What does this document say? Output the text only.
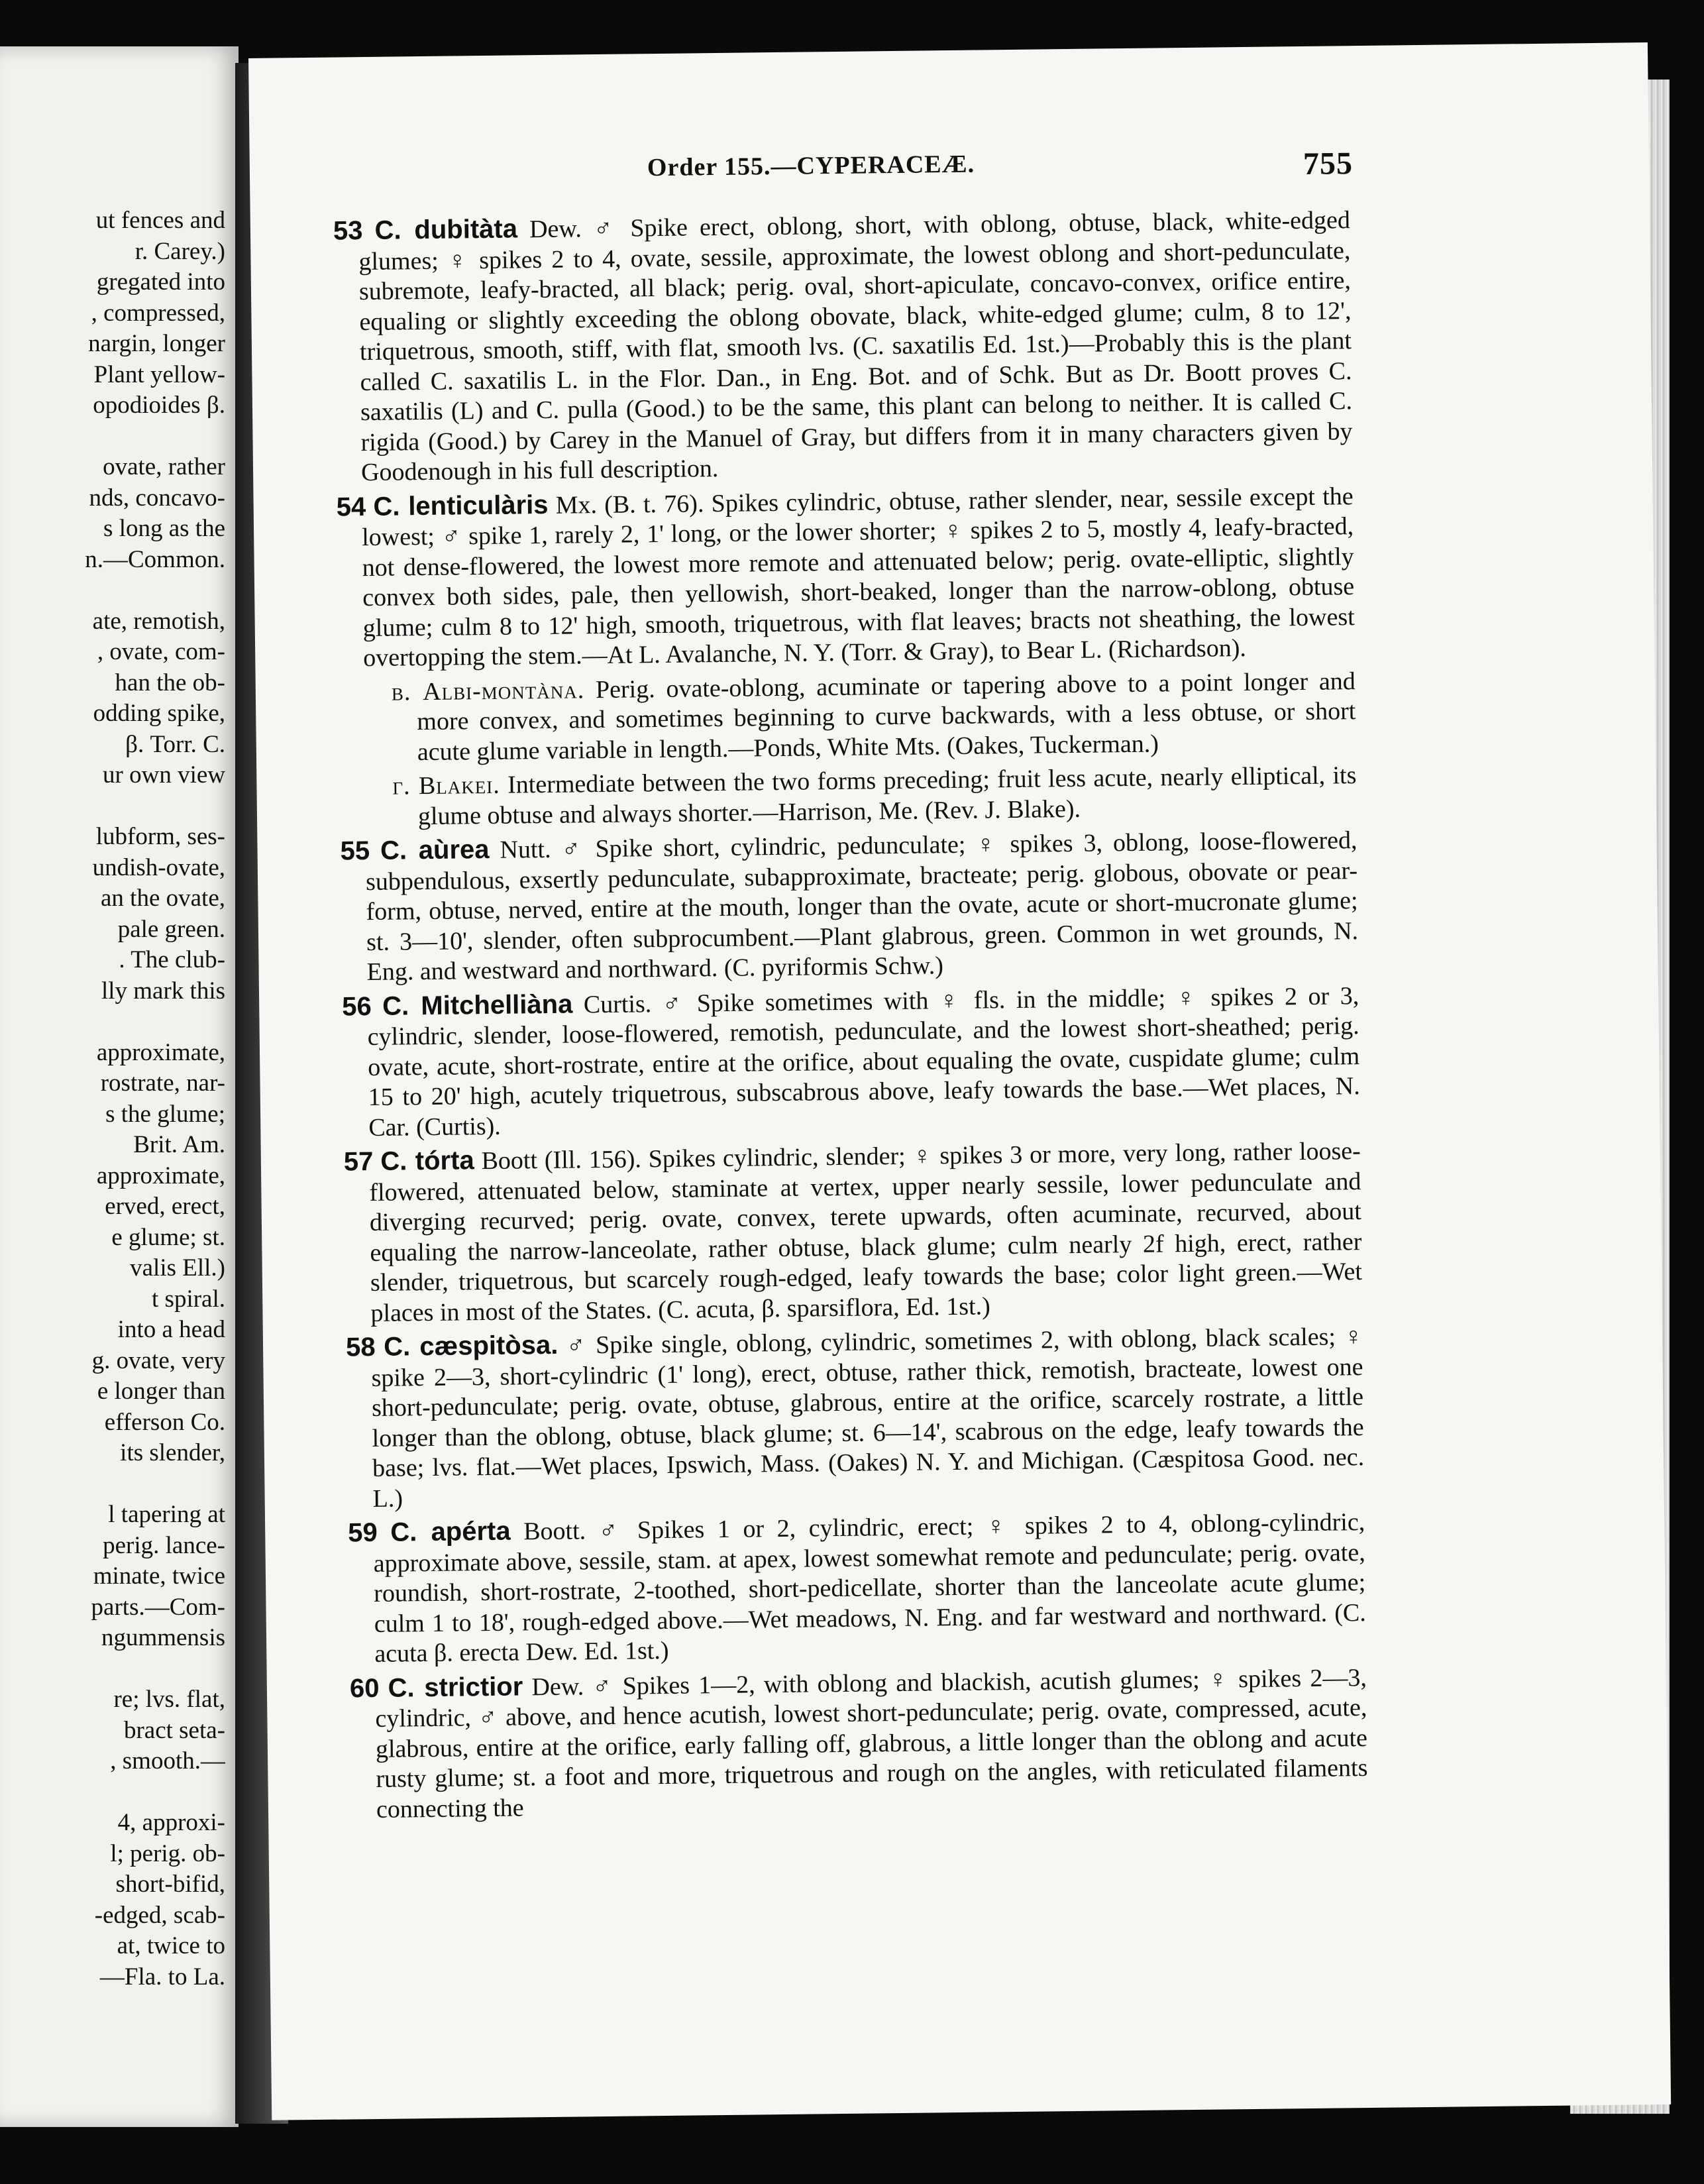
ut fences and
r. Carey.)
gregated into
, compressed,
nargin, longer
Plant yellow-
opodioides β.
ovate, rather
nds, concavo-
s long as the
n.—Common.
ate, remotish,
, ovate, com-
han the ob-
odding spike,
β. Torr. C.
ur own view
lubform, ses-
undish-ovate,
an the ovate,
pale green.
. The club-
lly mark this
approximate,
rostrate, nar-
s the glume;
Brit. Am.
approximate,
erved, erect,
e glume; st.
valis Ell.)
t spiral.
into a head
g. ovate, very
e longer than
efferson Co.
its slender,
l tapering at
perig. lance-
minate, twice
parts.—Com-
ngummensis
re; lvs. flat,
bract seta-
, smooth.—
4, approxi-
l; perig. ob-
short-bifid,
-edged, scab-
at, twice to
—Fla. to La.
Order 155.—CYPERACEÆ.	755
53 C. dubitàta Dew. ♂ Spike erect, oblong, short, with oblong, obtuse, black, white-edged glumes; ♀ spikes 2 to 4, ovate, sessile, approximate, the lowest oblong and short-pedunculate, subremote, leafy-bracted, all black; perig. oval, short-apiculate, concavo-convex, orifice entire, equaling or slightly exceeding the oblong obovate, black, white-edged glume; culm, 8 to 12', triquetrous, smooth, stiff, with flat, smooth lvs. (C. saxatilis Ed. 1st.)—Probably this is the plant called C. saxatilis L. in the Flor. Dan., in Eng. Bot. and of Schk. But as Dr. Boott proves C. saxatilis (L) and C. pulla (Good.) to be the same, this plant can belong to neither. It is called C. rigida (Good.) by Carey in the Manuel of Gray, but differs from it in many characters given by Goodenough in his full description.
54 C. lenticulàris Mx. (B. t. 76). Spikes cylindric, obtuse, rather slender, near, sessile except the lowest; ♂ spike 1, rarely 2, 1' long, or the lower shorter; ♀ spikes 2 to 5, mostly 4, leafy-bracted, not dense-flowered, the lowest more remote and attenuated below; perig. ovate-elliptic, slightly convex both sides, pale, then yellowish, short-beaked, longer than the narrow-oblong, obtuse glume; culm 8 to 12' high, smooth, triquetrous, with flat leaves; bracts not sheathing, the lowest overtopping the stem.—At L. Avalanche, N. Y. (Torr. & Gray), to Bear L. (Richardson).
β. Albi-montàna. Perig. ovate-oblong, acuminate or tapering above to a point longer and more convex, and sometimes beginning to curve backwards, with a less obtuse, or short acute glume variable in length.—Ponds, White Mts. (Oakes, Tuckerman.)
γ. Blakei. Intermediate between the two forms preceding; fruit less acute, nearly elliptical, its glume obtuse and always shorter.—Harrison, Me. (Rev. J. Blake).
55 C. aùrea Nutt. ♂ Spike short, cylindric, pedunculate; ♀ spikes 3, oblong, loose-flowered, subpendulous, exsertly pedunculate, subapproximate, bracteate; perig. globous, obovate or pear-form, obtuse, nerved, entire at the mouth, longer than the ovate, acute or short-mucronate glume; st. 3—10', slender, often subprocumbent.—Plant glabrous, green. Common in wet grounds, N. Eng. and westward and northward. (C. pyriformis Schw.)
56 C. Mitchelliàna Curtis. ♂ Spike sometimes with ♀ fls. in the middle; ♀ spikes 2 or 3, cylindric, slender, loose-flowered, remotish, pedunculate, and the lowest short-sheathed; perig. ovate, acute, short-rostrate, entire at the orifice, about equaling the ovate, cuspidate glume; culm 15 to 20' high, acutely triquetrous, subscabrous above, leafy towards the base.—Wet places, N. Car. (Curtis).
57 C. tórta Boott (Ill. 156). Spikes cylindric, slender; ♀ spikes 3 or more, very long, rather loose-flowered, attenuated below, staminate at vertex, upper nearly sessile, lower pedunculate and diverging recurved; perig. ovate, convex, terete upwards, often acuminate, recurved, about equaling the narrow-lanceolate, rather obtuse, black glume; culm nearly 2f high, erect, rather slender, triquetrous, but scarcely rough-edged, leafy towards the base; color light green.—Wet places in most of the States. (C. acuta, β. sparsiflora, Ed. 1st.)
58 C. cæspitòsa. ♂ Spike single, oblong, cylindric, sometimes 2, with oblong, black scales; ♀ spike 2—3, short-cylindric (1' long), erect, obtuse, rather thick, remotish, bracteate, lowest one short-pedunculate; perig. ovate, obtuse, glabrous, entire at the orifice, scarcely rostrate, a little longer than the oblong, obtuse, black glume; st. 6—14', scabrous on the edge, leafy towards the base; lvs. flat.—Wet places, Ipswich, Mass. (Oakes) N. Y. and Michigan. (Cæspitosa Good. nec. L.)
59 C. apérta Boott. ♂ Spikes 1 or 2, cylindric, erect; ♀ spikes 2 to 4, oblong-cylindric, approximate above, sessile, stam. at apex, lowest somewhat remote and pedunculate; perig. ovate, roundish, short-rostrate, 2-toothed, short-pedicellate, shorter than the lanceolate acute glume; culm 1 to 18', rough-edged above.—Wet meadows, N. Eng. and far westward and northward. (C. acuta β. erecta Dew. Ed. 1st.)
60 C. strictior Dew. ♂ Spikes 1—2, with oblong and blackish, acutish glumes; ♀ spikes 2—3, cylindric, ♂ above, and hence acutish, lowest short-pedunculate; perig. ovate, compressed, acute, glabrous, entire at the orifice, early falling off, glabrous, a little longer than the oblong and acute rusty glume; st. a foot and more, triquetrous and rough on the angles, with reticulated filaments connecting the
